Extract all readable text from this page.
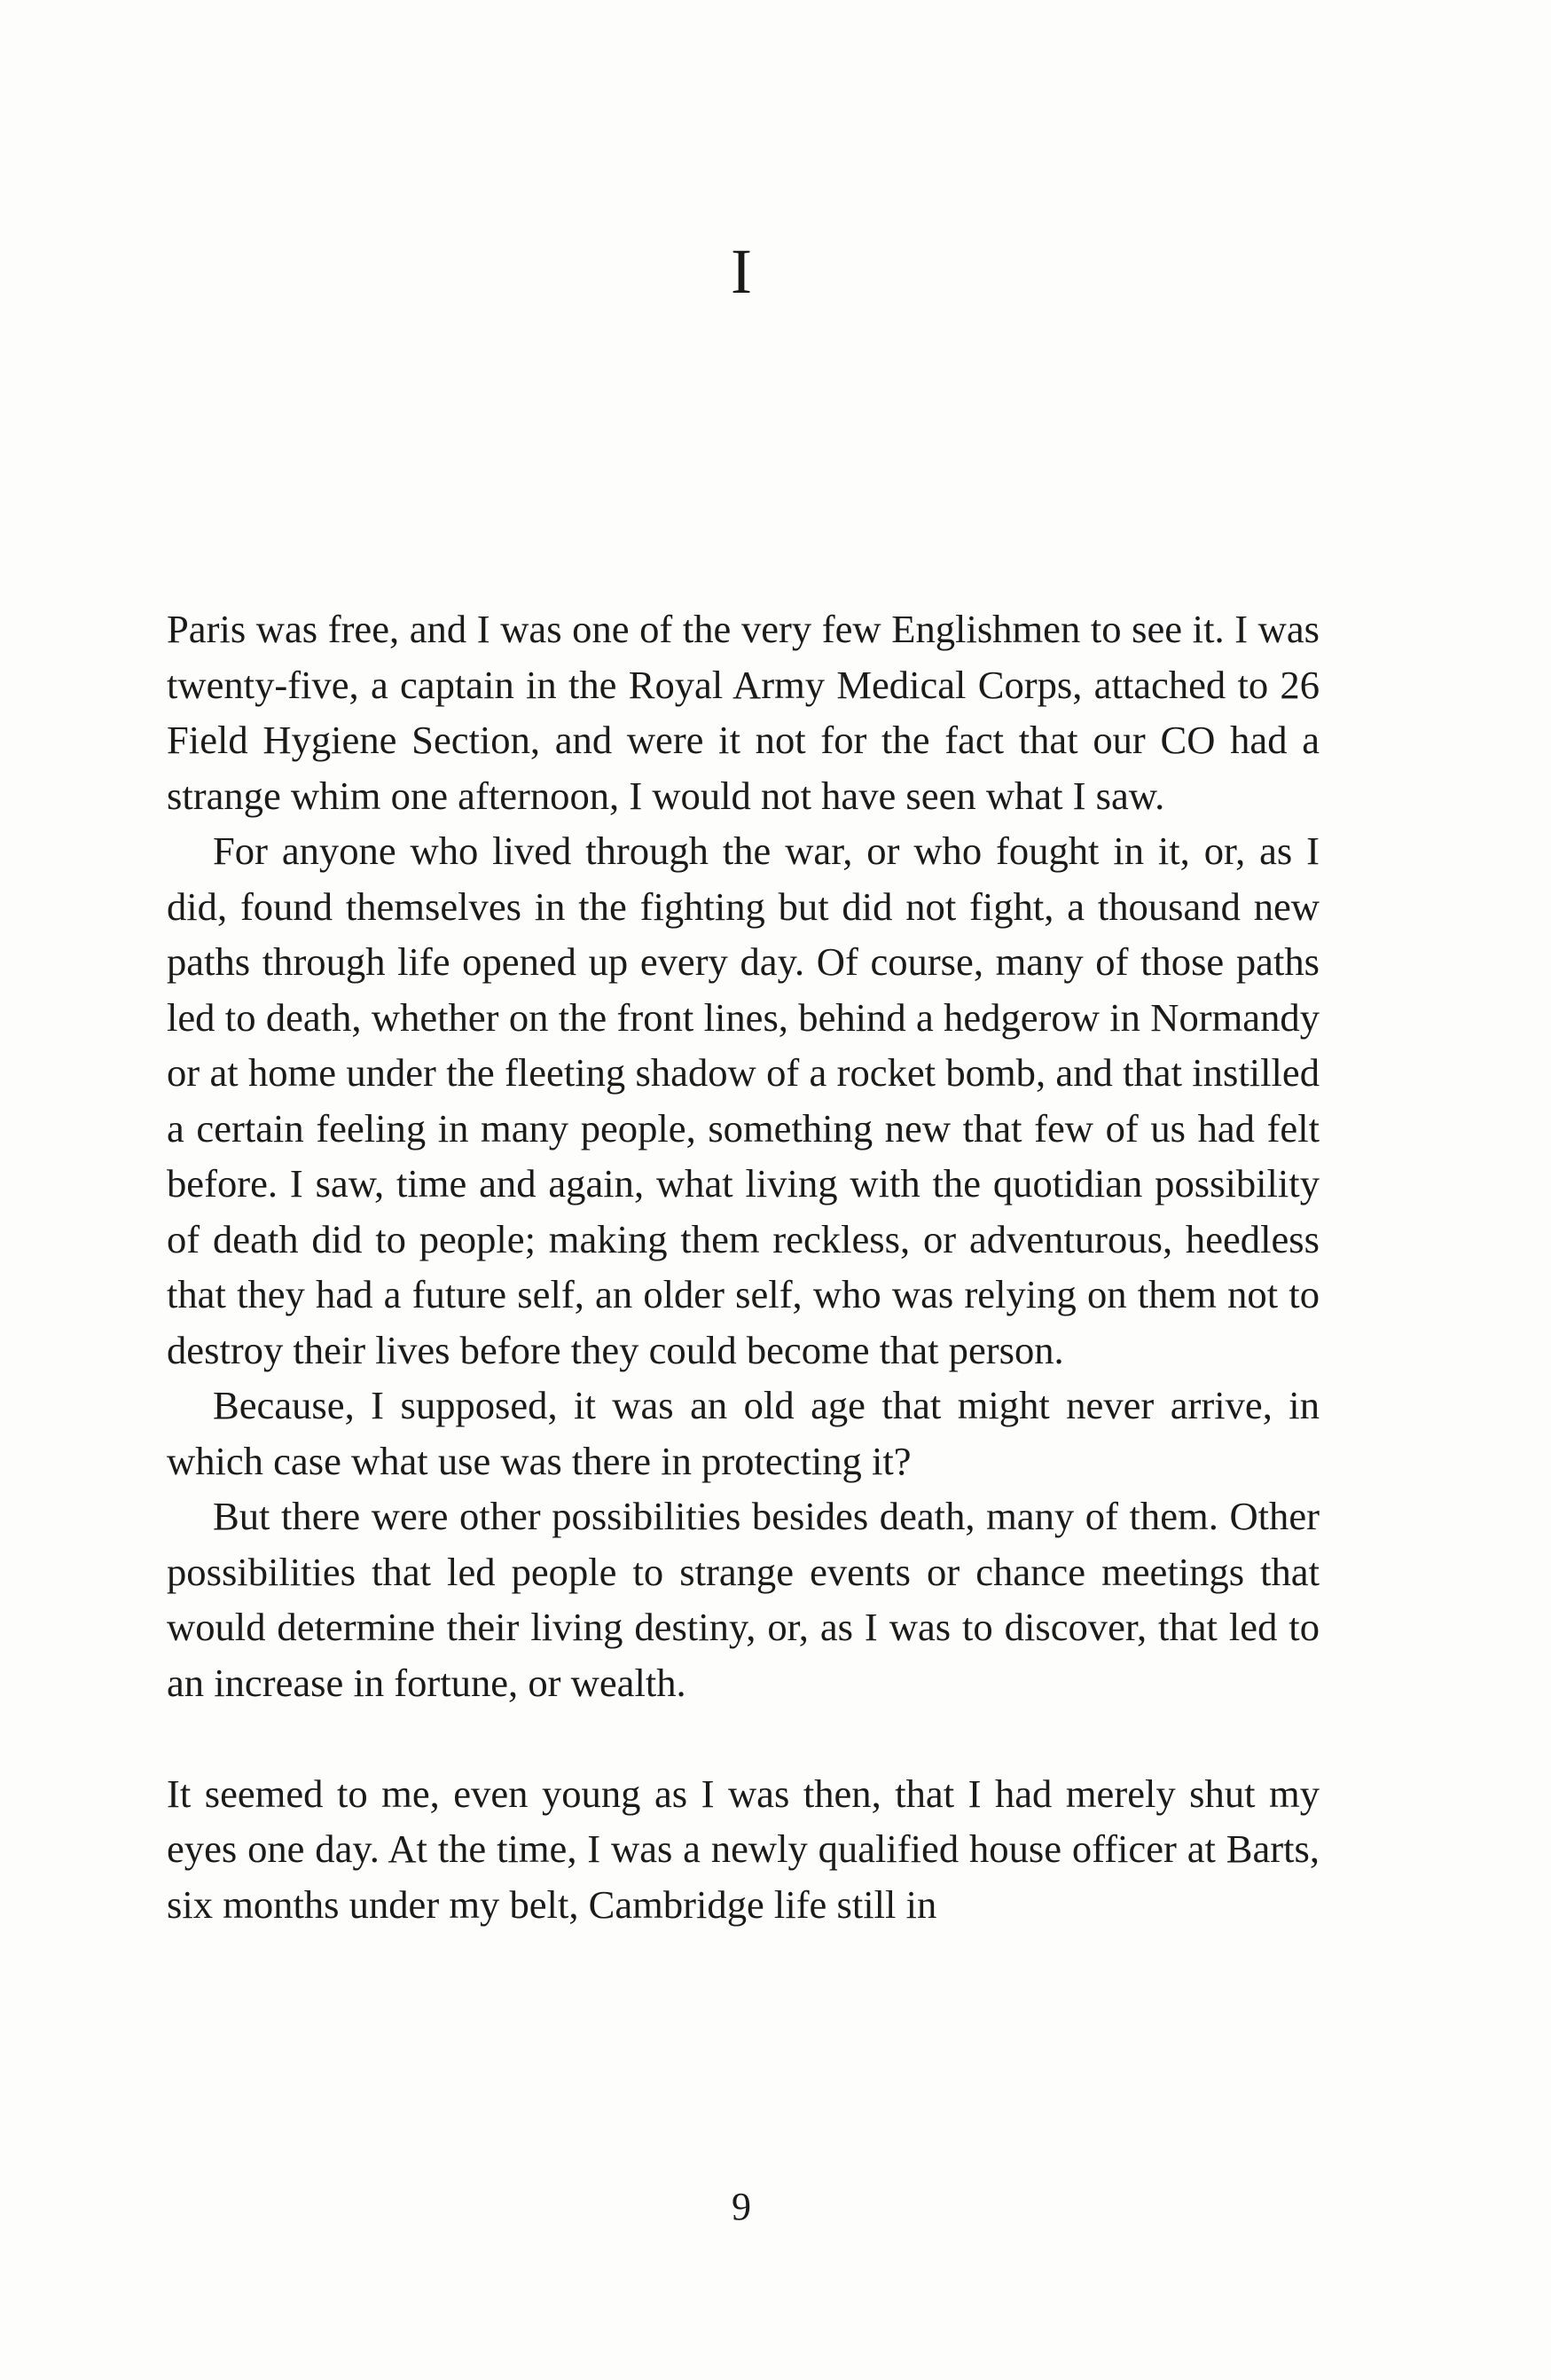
I

Paris was free, and I was one of the very few Englishmen to see it. I was twenty-five, a captain in the Royal Army Medical Corps, attached to 26 Field Hygiene Section, and were it not for the fact that our CO had a strange whim one afternoon, I would not have seen what I saw.

For anyone who lived through the war, or who fought in it, or, as I did, found themselves in the fighting but did not fight, a thousand new paths through life opened up every day. Of course, many of those paths led to death, whether on the front lines, behind a hedgerow in Normandy or at home under the fleeting shadow of a rocket bomb, and that instilled a certain feeling in many people, something new that few of us had felt before. I saw, time and again, what living with the quotidian possibility of death did to people; making them reckless, or adventurous, heedless that they had a future self, an older self, who was relying on them not to destroy their lives before they could become that person.

Because, I supposed, it was an old age that might never arrive, in which case what use was there in protecting it?

But there were other possibilities besides death, many of them. Other possibilities that led people to strange events or chance meetings that would determine their living destiny, or, as I was to discover, that led to an increase in fortune, or wealth.

It seemed to me, even young as I was then, that I had merely shut my eyes one day. At the time, I was a newly qualified house officer at Barts, six months under my belt, Cambridge life still in

9
